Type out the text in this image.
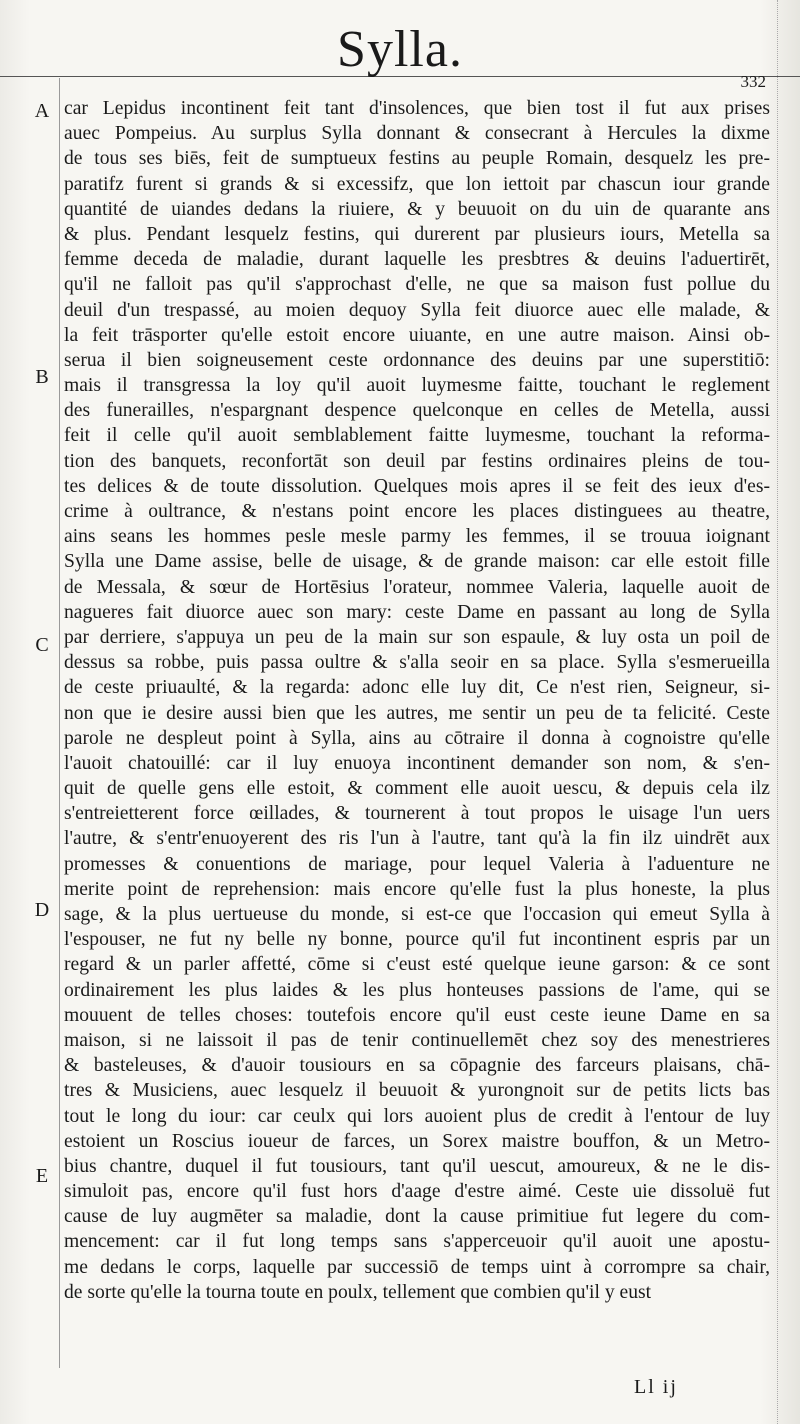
Sylla.
332
A
B
C
D
E
car Lepidus incontinent feit tant d'insolences, que bien tost il fut aux prises
auec Pompeius. Au surplus Sylla donnant & consecrant à Hercules la dixme
de tous ses biēs, feit de sumptueux festins au peuple Romain, desquelz les pre-
paratifz furent si grands & si excessifz, que lon iettoit par chascun iour grande
quantité de uiandes dedans la riuiere, & y beuuoit on du uin de quarante ans
& plus. Pendant lesquelz festins, qui durerent par plusieurs iours, Metella sa
femme deceda de maladie, durant laquelle les presbtres & deuins l'aduertirēt,
qu'il ne falloit pas qu'il s'approchast d'elle, ne que sa maison fust pollue du
deuil d'un trespassé, au moien dequoy Sylla feit diuorce auec elle malade, &
la feit trāsporter qu'elle estoit encore uiuante, en une autre maison. Ainsi ob-
serua il bien soigneusement ceste ordonnance des deuins par une superstitiō:
mais il transgressa la loy qu'il auoit luymesme faitte, touchant le reglement
des funerailles, n'espargnant despence quelconque en celles de Metella, aussi
feit il celle qu'il auoit semblablement faitte luymesme, touchant la reforma-
tion des banquets, reconfortāt son deuil par festins ordinaires pleins de tou-
tes delices & de toute dissolution. Quelques mois apres il se feit des ieux d'es-
crime à oultrance, & n'estans point encore les places distinguees au theatre,
ains seans les hommes pesle mesle parmy les femmes, il se trouua ioignant
Sylla une Dame assise, belle de uisage, & de grande maison: car elle estoit fille
de Messala, & sœur de Hortēsius l'orateur, nommee Valeria, laquelle auoit de
nagueres fait diuorce auec son mary: ceste Dame en passant au long de Sylla
par derriere, s'appuya un peu de la main sur son espaule, & luy osta un poil de
dessus sa robbe, puis passa oultre & s'alla seoir en sa place. Sylla s'esmerueilla
de ceste priuaulté, & la regarda: adonc elle luy dit, Ce n'est rien, Seigneur, si-
non que ie desire aussi bien que les autres, me sentir un peu de ta felicité. Ceste
parole ne despleut point à Sylla, ains au cōtraire il donna à cognoistre qu'elle
l'auoit chatouillé: car il luy enuoya incontinent demander son nom, & s'en-
quit de quelle gens elle estoit, & comment elle auoit uescu, & depuis cela ilz
s'entreietterent force œillades, & tournerent à tout propos le uisage l'un uers
l'autre, & s'entr'enuoyerent des ris l'un à l'autre, tant qu'à la fin ilz uindrēt aux
promesses & conuentions de mariage, pour lequel Valeria à l'aduenture ne
merite point de reprehension: mais encore qu'elle fust la plus honeste, la plus
sage, & la plus uertueuse du monde, si est-ce que l'occasion qui emeut Sylla à
l'espouser, ne fut ny belle ny bonne, pource qu'il fut incontinent espris par un
regard & un parler affetté, cōme si c'eust esté quelque ieune garson: & ce sont
ordinairement les plus laides & les plus honteuses passions de l'ame, qui se
mouuent de telles choses: toutefois encore qu'il eust ceste ieune Dame en sa
maison, si ne laissoit il pas de tenir continuellemēt chez soy des menestrieres
& basteleuses, & d'auoir tousiours en sa cōpagnie des farceurs plaisans, chā-
tres & Musiciens, auec lesquelz il beuuoit & yurongnoit sur de petits licts bas
tout le long du iour: car ceulx qui lors auoient plus de credit à l'entour de luy
estoient un Roscius ioueur de farces, un Sorex maistre bouffon, & un Metro-
bius chantre, duquel il fut tousiours, tant qu'il uescut, amoureux, & ne le dis-
simuloit pas, encore qu'il fust hors d'aage d'estre aimé. Ceste uie dissoluë fut
cause de luy augmēter sa maladie, dont la cause primitiue fut legere du com-
mencement: car il fut long temps sans s'apperceuoir qu'il auoit une apostu-
me dedans le corps, laquelle par successiō de temps uint à corrompre sa chair,
de sorte qu'elle la tourna toute en poulx, tellement que combien qu'il y eust
Ll ij
